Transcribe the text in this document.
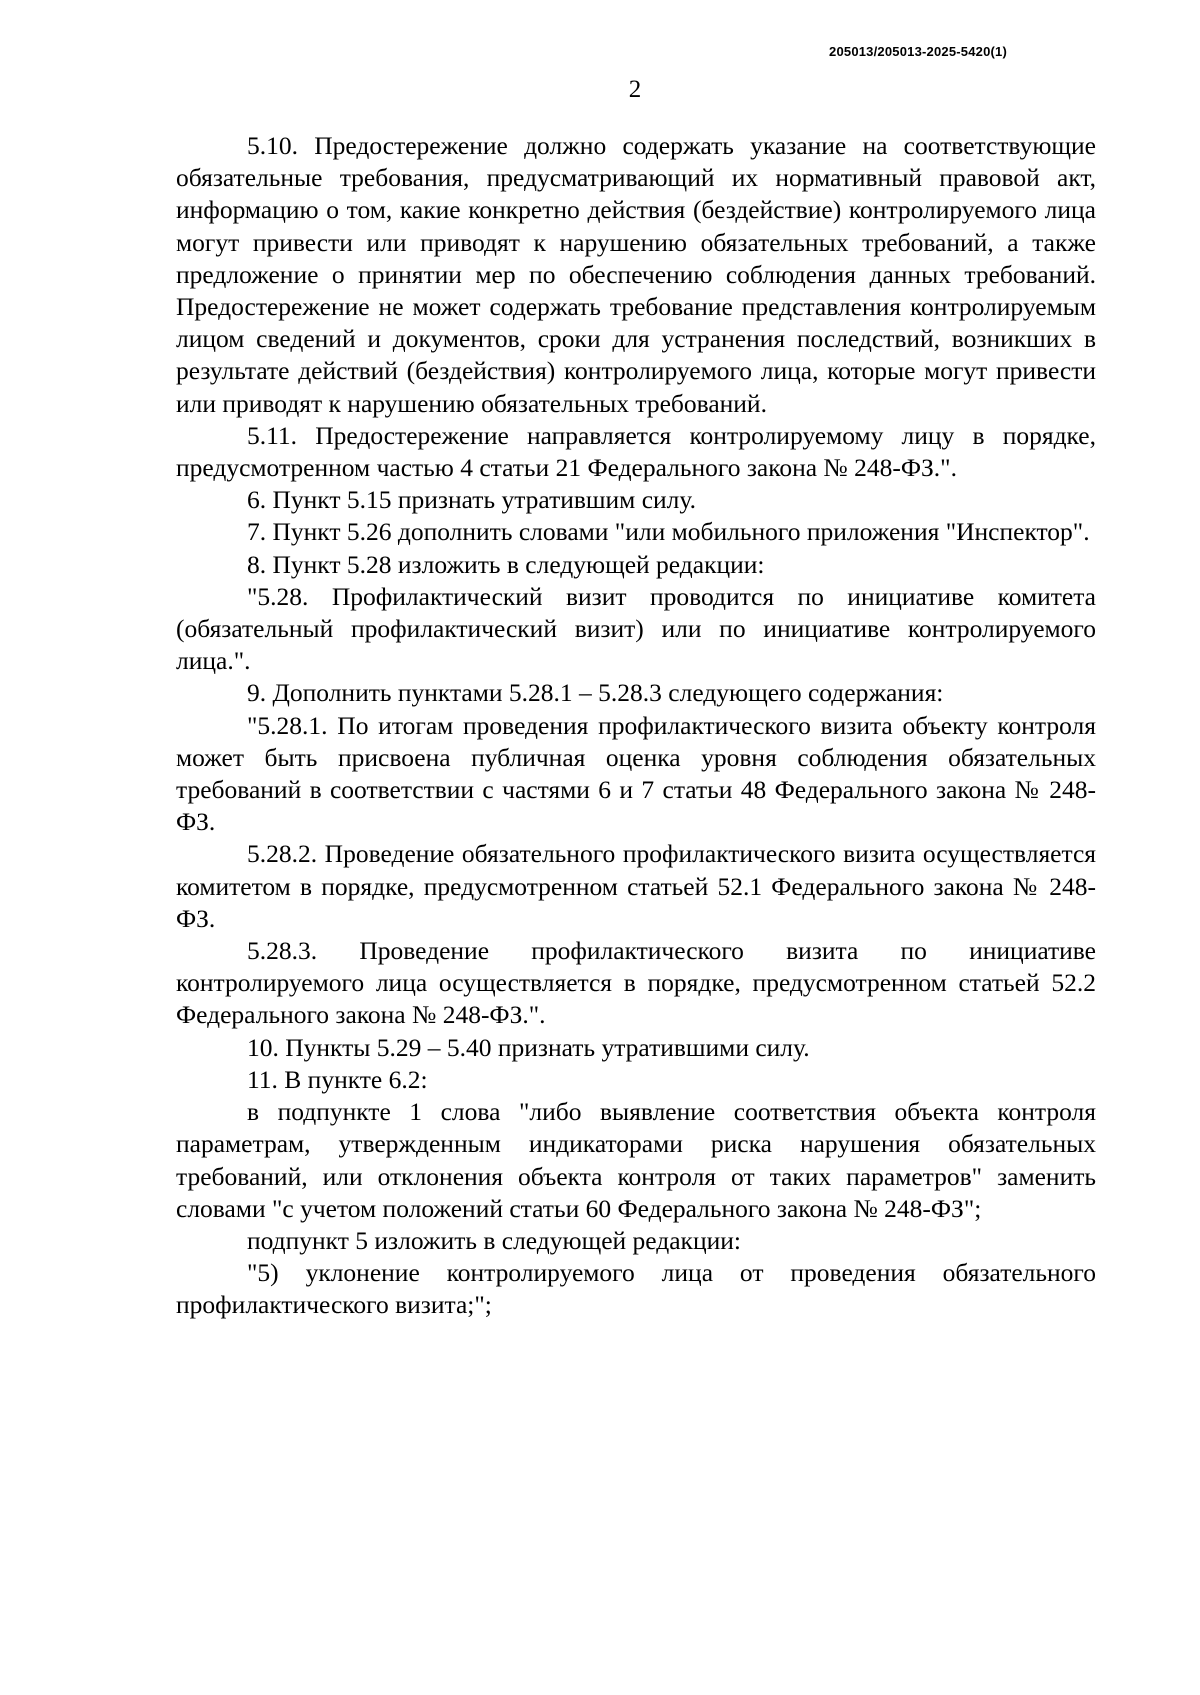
205013/205013-2025-5420(1)
2

5.10. Предостережение должно содержать указание на соответствующие обязательные требования, предусматривающий их нормативный правовой акт, информацию о том, какие конкретно действия (бездействие) контролируемого лица могут привести или приводят к нарушению обязательных требований, а также предложение о принятии мер по обеспечению соблюдения данных требований. Предостережение не может содержать требование представления контролируемым лицом сведений и документов, сроки для устранения последствий, возникших в результате действий (бездействия) контролируемого лица, которые могут привести или приводят к нарушению обязательных требований.

5.11. Предостережение направляется контролируемому лицу в порядке, предусмотренном частью 4 статьи 21 Федерального закона № 248-ФЗ.".

6. Пункт 5.15 признать утратившим силу.

7. Пункт 5.26 дополнить словами "или мобильного приложения "Инспектор".

8. Пункт 5.28 изложить в следующей редакции:

"5.28. Профилактический визит проводится по инициативе комитета (обязательный профилактический визит) или по инициативе контролируемого лица.".

9. Дополнить пунктами 5.28.1 – 5.28.3 следующего содержания:

"5.28.1. По итогам проведения профилактического визита объекту контроля может быть присвоена публичная оценка уровня соблюдения обязательных требований в соответствии с частями 6 и 7 статьи 48 Федерального закона № 248-ФЗ.

5.28.2. Проведение обязательного профилактического визита осуществляется комитетом в порядке, предусмотренном статьей 52.1 Федерального закона № 248-ФЗ.

5.28.3. Проведение профилактического визита по инициативе контролируемого лица осуществляется в порядке, предусмотренном статьей 52.2 Федерального закона № 248-ФЗ.".

10. Пункты 5.29 – 5.40 признать утратившими силу.

11. В пункте 6.2:

в подпункте 1 слова "либо выявление соответствия объекта контроля параметрам, утвержденным индикаторами риска нарушения обязательных требований, или отклонения объекта контроля от таких параметров" заменить словами "с учетом положений статьи 60 Федерального закона № 248-ФЗ";

подпункт 5 изложить в следующей редакции:

"5) уклонение контролируемого лица от проведения обязательного профилактического визита;";
